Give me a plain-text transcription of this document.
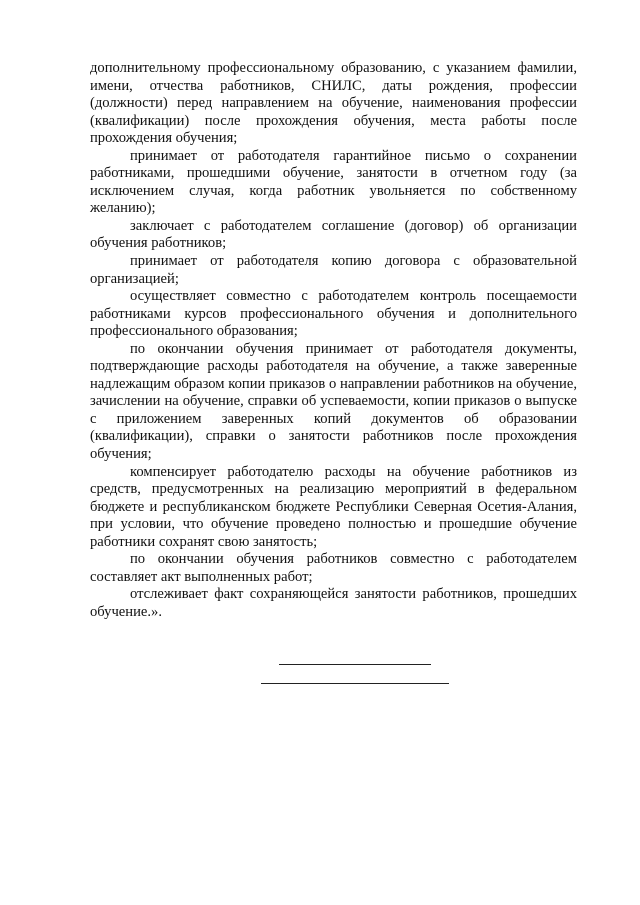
дополнительному профессиональному образованию, с указанием фамилии, имени, отчества работников, СНИЛС, даты рождения, профессии (должности) перед направлением на обучение, наименования профессии (квалификации) после прохождения обучения, места работы после прохождения обучения;

принимает от работодателя гарантийное письмо о сохранении работниками, прошедшими обучение, занятости в отчетном году (за исключением случая, когда работник увольняется по собственному желанию);

заключает с работодателем соглашение (договор) об организации обучения работников;

принимает от работодателя копию договора с образовательной организацией;

осуществляет совместно с работодателем контроль посещаемости работниками курсов профессионального обучения и дополнительного профессионального образования;

по окончании обучения принимает от работодателя документы, подтверждающие расходы работодателя на обучение, а также заверенные надлежащим образом копии приказов о направлении работников на обучение, зачислении на обучение, справки об успеваемости, копии приказов о выпуске с приложением заверенных копий документов об образовании (квалификации), справки о занятости работников после прохождения обучения;

компенсирует работодателю расходы на обучение работников из средств, предусмотренных на реализацию мероприятий в федеральном бюджете и республиканском бюджете Республики Северная Осетия-Алания, при условии, что обучение проведено полностью и прошедшие обучение работники сохранят свою занятость;

по окончании обучения работников совместно с работодателем составляет акт выполненных работ;

отслеживает факт сохраняющейся занятости работников, прошедших обучение.».
